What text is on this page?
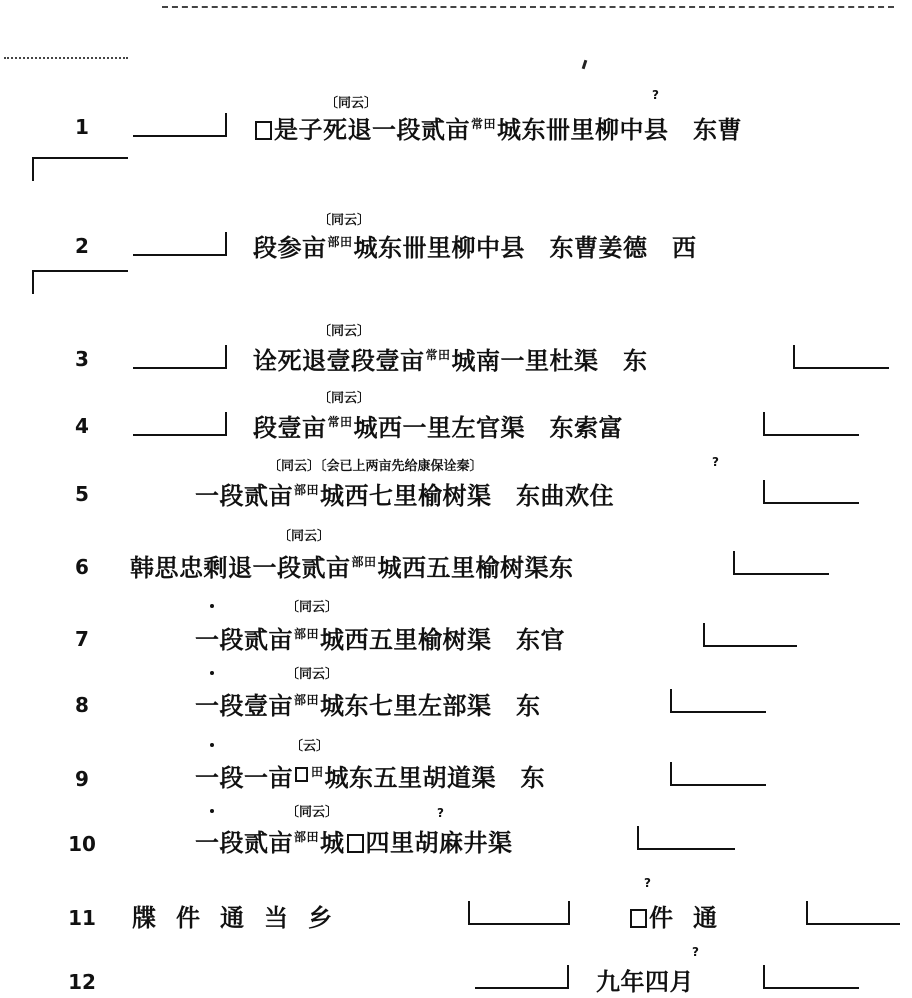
1
〔同云〕
?
是子死退一段贰亩$^{常田}$城东卌里柳中县　东曹
2
〔同云〕
段参亩$^{部田}$城东卌里柳中县　东曹姜德　西
3
〔同云〕
诠死退壹段壹亩$^{常田}$城南一里杜渠　东
4
〔同云〕
段壹亩$^{常田}$城西一里左官渠　东索富
5
〔同云〕〔会已上两亩先给康保诠秦〕	?
一段贰亩$^{部田}$城西七里榆树渠　东曲欢住
6
〔同云〕
韩思忠剩退一段贰亩$^{部田}$城西五里榆树渠东
7
〔同云〕
一段贰亩$^{部田}$城西五里榆树渠　东官
8
〔同云〕
一段壹亩$^{部田}$城东七里左部渠　东
9
〔云〕
一段一亩 $^田$城东五里胡道渠　东
10
〔同云〕	?
一段贰亩$^{部田}$城 四里胡麻井渠
11 牒件通当乡
?
件通
12
?
九年四月
